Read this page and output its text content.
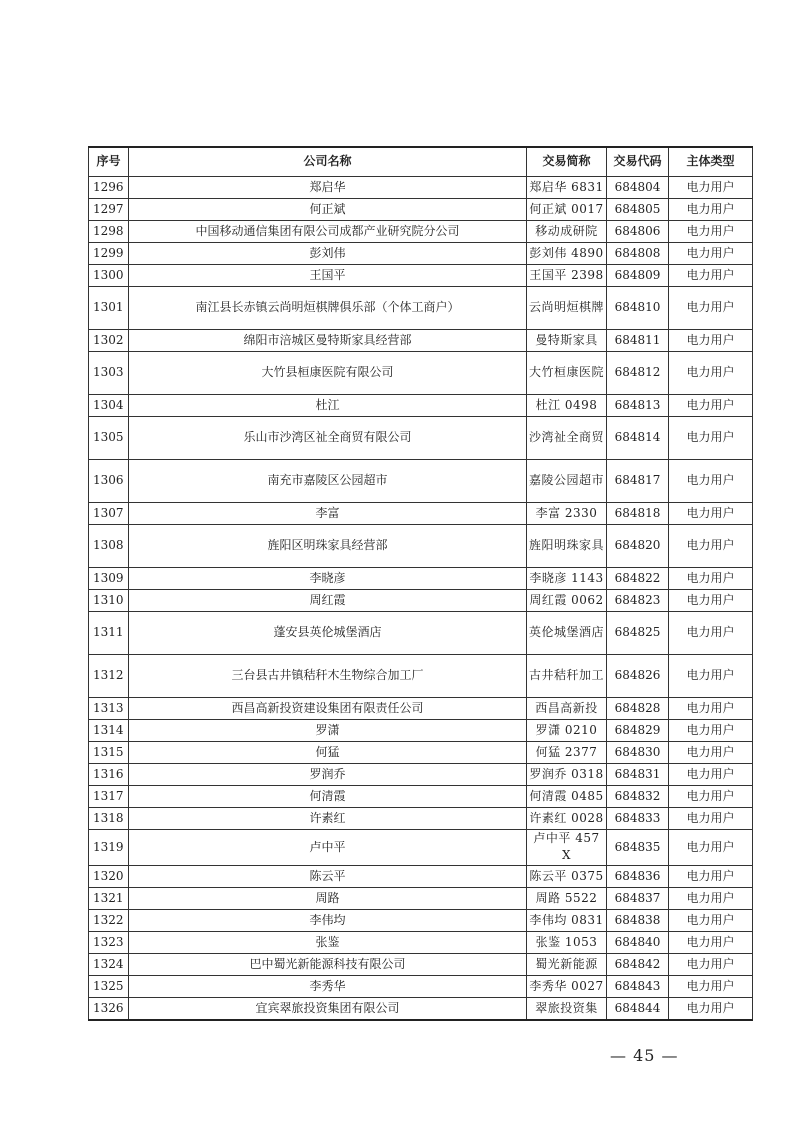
序号	公司名称	交易简称	交易代码	主体类型
1296	郑启华	郑启华 6831	684804	电力用户
1297	何正斌	何正斌 0017	684805	电力用户
1298	中国移动通信集团有限公司成都产业研究院分公司	移动成研院	684806	电力用户
1299	彭刘伟	彭刘伟 4890	684808	电力用户
1300	王国平	王国平 2398	684809	电力用户
1301	南江县长赤镇云尚明烜棋牌俱乐部（个体工商户）	云尚明烜棋牌	684810	电力用户
1302	绵阳市涪城区曼特斯家具经营部	曼特斯家具	684811	电力用户
1303	大竹县桓康医院有限公司	大竹桓康医院	684812	电力用户
1304	杜江	杜江 0498	684813	电力用户
1305	乐山市沙湾区祉全商贸有限公司	沙湾祉全商贸	684814	电力用户
1306	南充市嘉陵区公园超市	嘉陵公园超市	684817	电力用户
1307	李富	李富 2330	684818	电力用户
1308	旌阳区明珠家具经营部	旌阳明珠家具	684820	电力用户
1309	李晓彦	李晓彦 1143	684822	电力用户
1310	周红霞	周红霞 0062	684823	电力用户
1311	蓬安县英伦城堡酒店	英伦城堡酒店	684825	电力用户
1312	三台县古井镇秸秆木生物综合加工厂	古井秸秆加工	684826	电力用户
1313	西昌高新投资建设集团有限责任公司	西昌高新投	684828	电力用户
1314	罗潇	罗潇 0210	684829	电力用户
1315	何猛	何猛 2377	684830	电力用户
1316	罗润乔	罗润乔 0318	684831	电力用户
1317	何清霞	何清霞 0485	684832	电力用户
1318	许素红	许素红 0028	684833	电力用户
1319	卢中平	卢中平 457X	684835	电力用户
1320	陈云平	陈云平 0375	684836	电力用户
1321	周路	周路 5522	684837	电力用户
1322	李伟均	李伟均 0831	684838	电力用户
1323	张鉴	张鉴 1053	684840	电力用户
1324	巴中蜀光新能源科技有限公司	蜀光新能源	684842	电力用户
1325	李秀华	李秀华 0027	684843	电力用户
1326	宜宾翠旅投资集团有限公司	翠旅投资集	684844	电力用户
— 45 —
